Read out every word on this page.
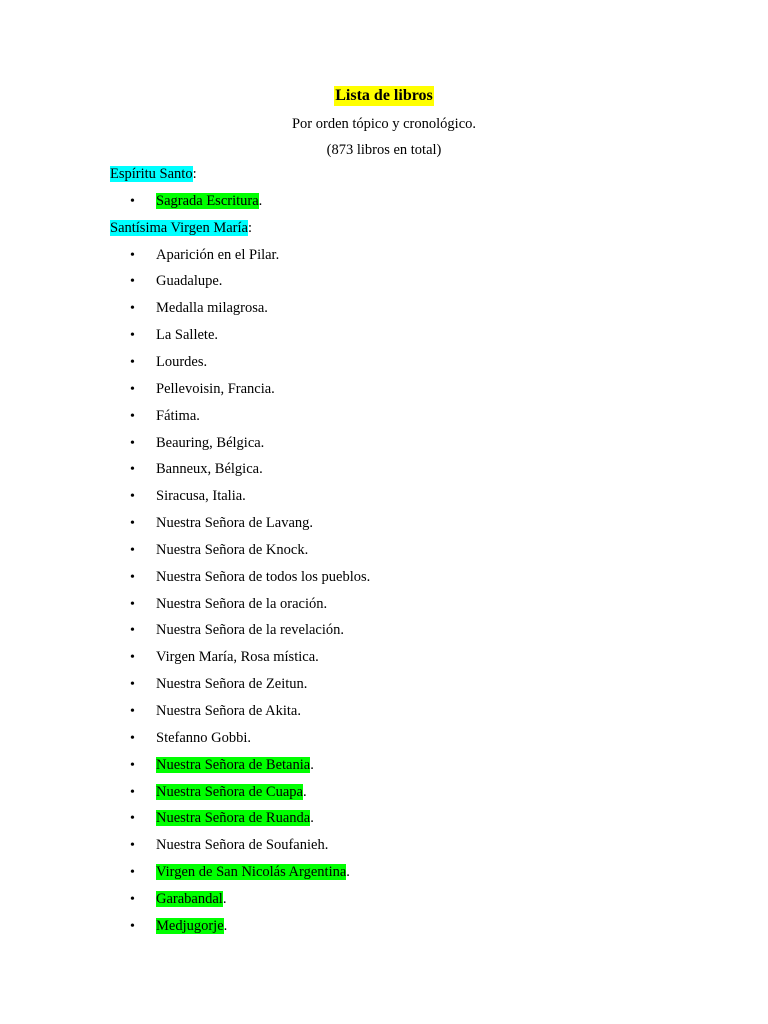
Lista de libros
Por orden tópico y cronológico.
(873 libros en total)
Espíritu Santo:
• Sagrada Escritura.
Santísima Virgen María:
• Aparición en el Pilar.
• Guadalupe.
• Medalla milagrosa.
• La Sallete.
• Lourdes.
• Pellevoisin, Francia.
• Fátima.
• Beauring, Bélgica.
• Banneux, Bélgica.
• Siracusa, Italia.
• Nuestra Señora de Lavang.
• Nuestra Señora de Knock.
• Nuestra Señora de todos los pueblos.
• Nuestra Señora de la oración.
• Nuestra Señora de la revelación.
• Virgen María, Rosa mística.
• Nuestra Señora de Zeitun.
• Nuestra Señora de Akita.
• Stefanno Gobbi.
• Nuestra Señora de Betania.
• Nuestra Señora de Cuapa.
• Nuestra Señora de Ruanda.
• Nuestra Señora de Soufanieh.
• Virgen de San Nicolás Argentina.
• Garabandal.
• Medjugorje.
